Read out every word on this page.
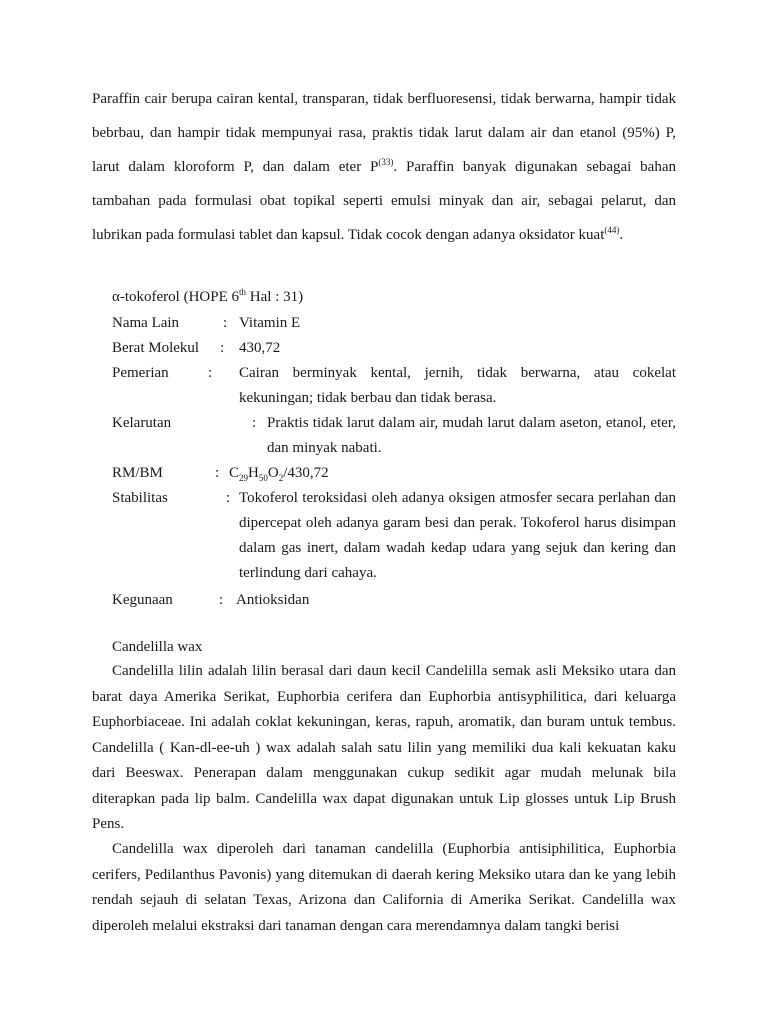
Paraffin cair berupa cairan kental, transparan, tidak berfluoresensi, tidak berwarna, hampir tidak bebrbau, dan hampir tidak mempunyai rasa, praktis tidak larut dalam air dan etanol (95%) P, larut dalam kloroform P, dan dalam eter $P^{(33)}$. Paraffin banyak digunakan sebagai bahan tambahan pada formulasi obat topikal seperti emulsi minyak dan air, sebagai pelarut, dan lubrikan pada formulasi tablet dan kapsul. Tidak cocok dengan adanya oksidator kuat$^{(44)}$.

α-tokoferol (HOPE 6th Hal : 31)

Nama Lain	: Vitamin E
Berat Molekul : 430,72
Pemerian	: Cairan berminyak kental, jernih, tidak berwarna, atau cokelat kekuningan; tidak berbau dan tidak berasa.
Kelarutan	: Praktis tidak larut dalam air, mudah larut dalam aseton, etanol, eter, dan minyak nabati.
RM/BM	: $C_{29}H_{50}O_2/430,72$
Stabilitas	: Tokoferol teroksidasi oleh adanya oksigen atmosfer secara perlahan dan dipercepat oleh adanya garam besi dan perak. Tokoferol harus disimpan dalam gas inert, dalam wadah kedap udara yang sejuk dan kering dan terlindung dari cahaya.
Kegunaan	: Antioksidan

Candelilla wax

Candelilla lilin adalah lilin berasal dari daun kecil Candelilla semak asli Meksiko utara dan barat daya Amerika Serikat, Euphorbia cerifera dan Euphorbia antisyphilitica, dari keluarga Euphorbiaceae. Ini adalah coklat kekuningan, keras, rapuh, aromatik, dan buram untuk tembus. Candelilla ( Kan-dl-ee-uh ) wax adalah salah satu lilin yang memiliki dua kali kekuatan kaku dari Beeswax. Penerapan dalam menggunakan cukup sedikit agar mudah melunak bila diterapkan pada lip balm. Candelilla wax dapat digunakan untuk Lip glosses untuk Lip Brush Pens.

Candelilla wax diperoleh dari tanaman candelilla (Euphorbia antisiphilitica, Euphorbia cerifers, Pedilanthus Pavonis) yang ditemukan di daerah kering Meksiko utara dan ke yang lebih rendah sejauh di selatan Texas, Arizona dan California di Amerika Serikat. Candelilla wax diperoleh melalui ekstraksi dari tanaman dengan cara merendamnya dalam tangki berisi
